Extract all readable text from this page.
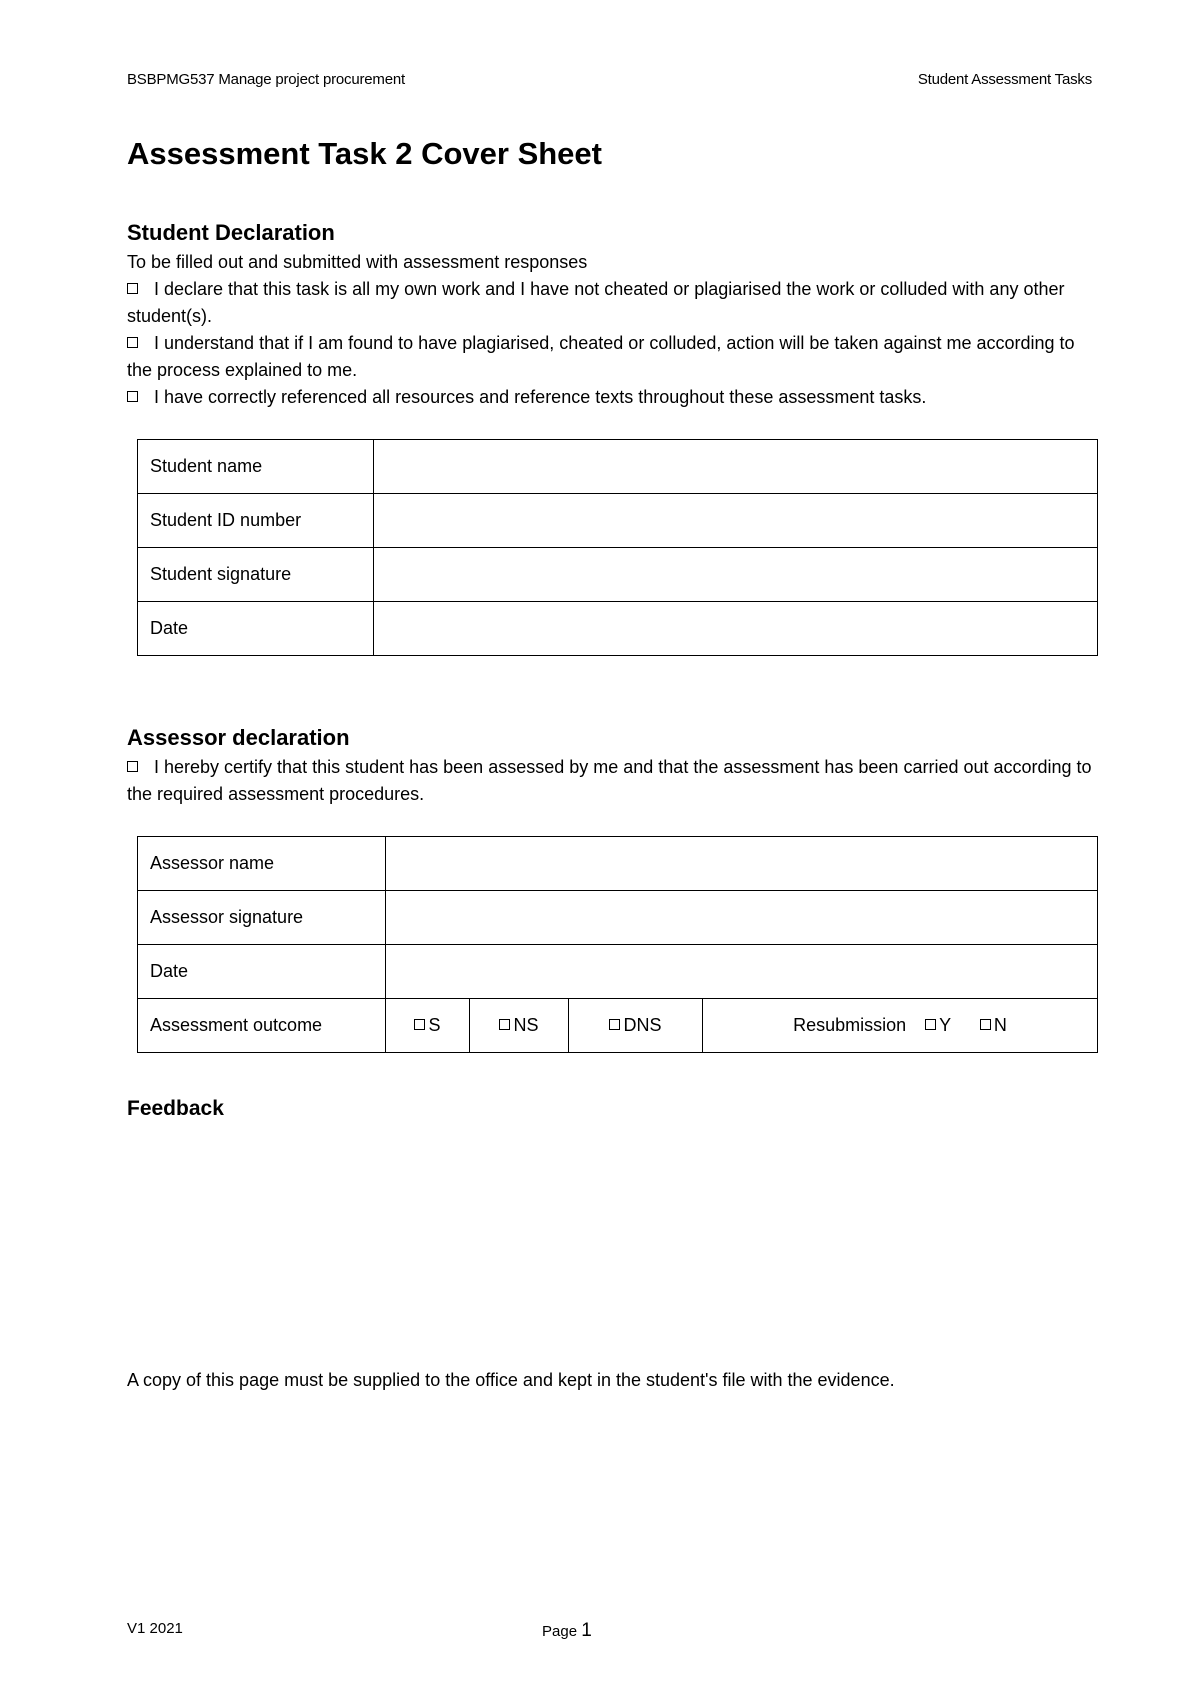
BSBPMG537 Manage project procurement	Student Assessment Tasks
Assessment Task 2 Cover Sheet
Student Declaration
To be filled out and submitted with assessment responses
I declare that this task is all my own work and I have not cheated or plagiarised the work or colluded with any other student(s).
I understand that if I am found to have plagiarised, cheated or colluded, action will be taken against me according to the process explained to me.
I have correctly referenced all resources and reference texts throughout these assessment tasks.
Student name	
Student ID number	
Student signature	
Date	
Assessor declaration
I hereby certify that this student has been assessed by me and that the assessment has been carried out according to the required assessment procedures.
Assessor name				
Assessor signature				
Date				
Assessment outcome	S	NS	DNS	Resubmission Y N
Feedback
A copy of this page must be supplied to the office and kept in the student's file with the evidence.
V1 2021	Page 1
